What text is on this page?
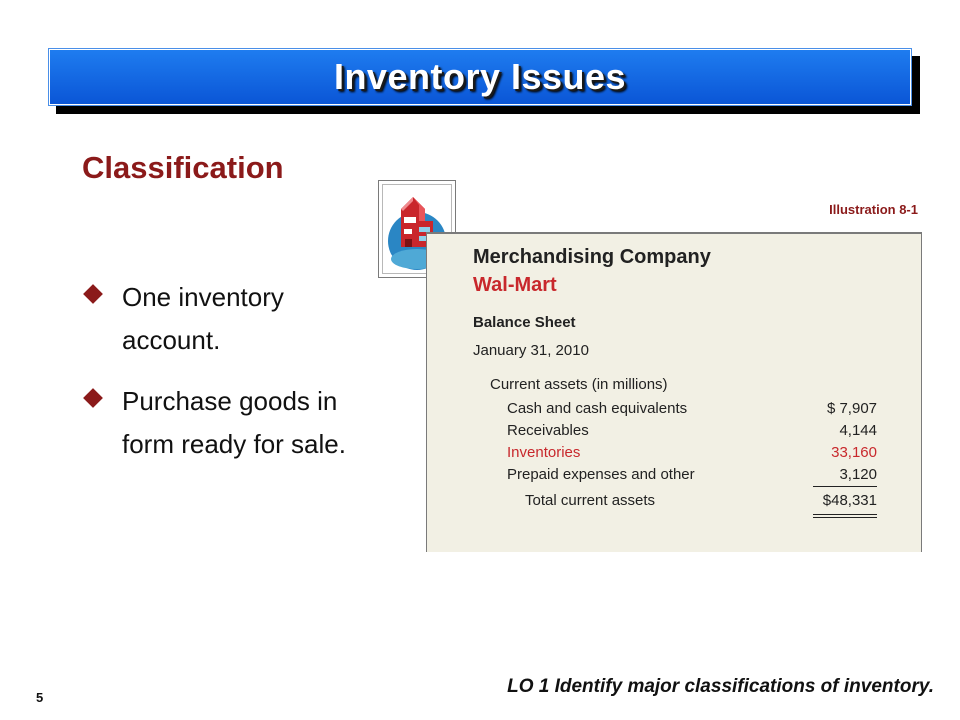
Inventory Issues
Classification
One inventory account.
Purchase goods in form ready for sale.
Illustration 8-1
Merchandising Company
Wal-Mart
Balance Sheet
January 31, 2010
Current assets (in millions)
Cash and cash equivalents	$ 7,907
Receivables	4,144
Inventories	33,160
Prepaid expenses and other	3,120
Total current assets	$48,331
LO 1 Identify major classifications of inventory.
5
